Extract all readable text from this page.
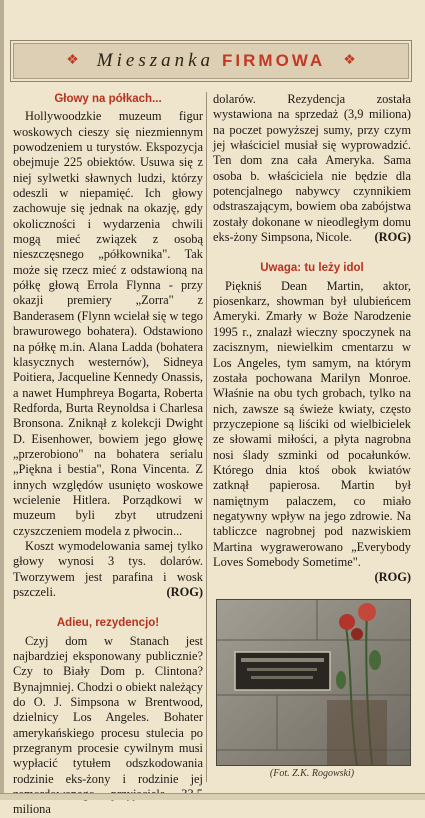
❖ Mieszanka FIRMOWA ❖
Głowy na półkach...

Hollywoodzkie muzeum figur woskowych cieszy się niezmiennym powodzeniem u turystów. Ekspozycja obejmuje 225 obiektów. Usuwa się z niej sylwetki sławnych ludzi, którzy odeszli w niepamięć. Ich głowy zachowuje się jednak na okazję, gdy okoliczności i wydarzenia chwili mogą mieć związek z osobą nieszczęsnego „półkownika". Tak może się rzecz mieć z odstawioną na półkę głową Errola Flynna - przy okazji premiery „Zorra" z Banderasem (Flynn wcielał się w tego brawurowego bohatera). Odstawiono na półkę m.in. Alana Ladda (bohatera klasycznych westernów), Sidneya Poitiera, Jacqueline Kennedy Onassis, a nawet Humphreya Bogarta, Roberta Redforda, Burta Reynoldsa i Charlesa Bronsona. Zniknął z kolekcji Dwight D. Eisenhower, bowiem jego głowę „przerobiono" na bohatera serialu „Piękna i bestia", Rona Vincenta. Z innych względów usunięto woskowe wcielenie Hitlera. Porządkowi w muzeum byli zbyt utrudzeni czyszczeniem modela z płwocin...

Koszt wymodelowania samej tylko głowy wynosi 3 tys. dolarów. Tworzywem jest parafina i wosk pszczeli.	(ROG)

Adieu, rezydencjo!

Czyj dom w Stanach jest najbardziej eksponowany publicznie? Czy to Biały Dom p. Clintona? Bynajmniej. Chodzi o obiekt należący do O. J. Simpsona w Brentwood, dzielnicy Los Angeles. Bohater amerykańskiego procesu stulecia po przegranym procesie cywilnym musi wypłacić tytułem odszkodowania rodzinie eks-żony i rodzinie jej miliona

dolarów. Rezydencja została wystawiona na sprzedaż (3,9 miliona) na poczet powyższej sumy, przy czym jej właściciel musiał się wyprowadzić. Ten dom zna cała Ameryka. Sama osoba b. właściciela nie będzie dla potencjalnego nabywcy czynnikiem odstraszającym, bowiem oba zabójstwa zostały dokonane w nieodległym domu eks-żony Simpsona, Nicole. (ROG)

Uwaga: tu leży idol

Piękniś Dean Martin, aktor, piosenkarz, showman był ulubieńcem Ameryki. Zmarły w Boże Narodzenie 1995 r., znalazł wieczny spoczynek na zacisznym, niewielkim cmentarzu w Los Angeles, tym samym, na którym została pochowana Marilyn Monroe. Właśnie na obu tych grobach, tylko na nich, zawsze są świeże kwiaty, często przyczepione są liściki od wielbicielek ze słowami miłości, a płyta nagrobna nosi ślady szminki od pocałunków. Którego dnia ktoś obok kwiatów zatknął papierosa. Martin był namiętnym palaczem, co miało negatywny wpływ na jego zdrowie. Na tabliczce nagrobnej pod nazwiskiem Martina wygrawerowano „Everybody Loves Somebody Sometime".
(ROG)

(Fot. Z.K. Rogowski)
